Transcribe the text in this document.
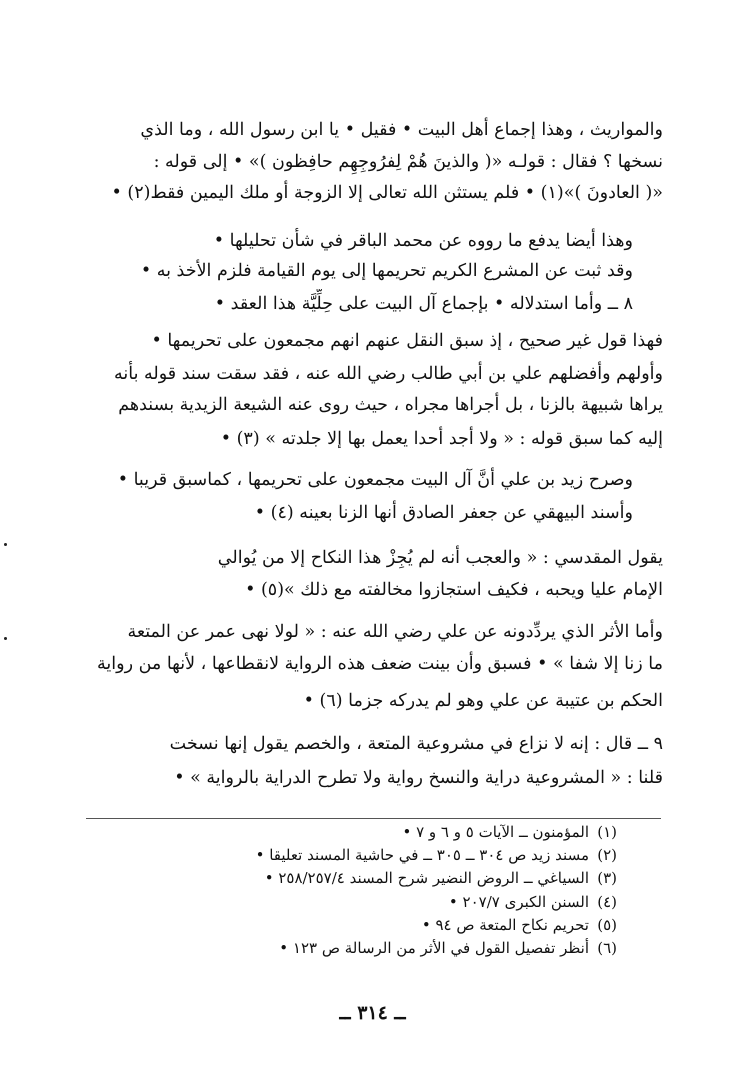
والمواريث ، وهذا إجماع أهل البيت • فقيل • يا ابن رسول الله ، وما الذي
نسخها ؟ فقال : قولـه «( والذينَ هُمْ لِفرُوجِهِم حافِظون )» • إلى قوله :
«( العادونَ )»(١) • فلم يستثن الله تعالى إلا الزوجة أو ملك اليمين فقط(٢) •
وهذا أيضا يدفع ما رووه عن محمد الباقر في شأن تحليلها •
وقد ثبت عن المشرع الكريم تحريمها إلى يوم القيامة فلزم الأخذ به •
٨ ــ وأما استدلاله • بإجماع آل البيت على حِلِّيَّة هذا العقد •
فهذا قول غير صحيح ، إذ سبق النقل عنهم انهم مجمعون على تحريمها •
وأولهم وأفضلهم علي بن أبي طالب رضي الله عنه ، فقد سقت سند قوله بأنه
يراها شبيهة بالزنا ، بل أجراها مجراه ، حيث روى عنه الشيعة الزيدية بسندهم
إليه كما سبق قوله : « ولا أجد أحدا يعمل بها إلا جلدته » (٣) •
وصرح زيد بن علي أنَّ آل البيت مجمعون على تحريمها ، كماسبق قريبا •
وأسند البيهقي عن جعفر الصادق أنها الزنا بعينه (٤) •
يقول المقدسي : « والعجب أنه لم يُجِزْ هذا النكاح إلا من يُوالي
الإمام عليا ويحبه ، فكيف استجازوا مخالفته مع ذلك »(٥) •
وأما الأثر الذي يردِّدونه عن علي رضي الله عنه : « لولا نهى عمر عن المتعة
ما زنا إلا شفا » • فسبق وأن بينت ضعف هذه الرواية لانقطاعها ، لأنها من رواية
الحكم بن عتيبة عن علي وهو لم يدركه جزما (٦) •
٩ ــ قال : إنه لا نزاع في مشروعية المتعة ، والخصم يقول إنها نسخت
قلنا : « المشروعية دراية والنسخ رواية ولا تطرح الدراية بالرواية » •
(١)المؤمنون ــ الآيات ٥ و ٦ و ٧ •
(٢)مسند زيد ص ٣٠٤ ــ ٣٠٥ ــ في حاشية المسند تعليقا •
(٣)السياغي ــ الروض النضير شرح المسند ٢٥٨/٢٥٧/٤ •
(٤)السنن الكبرى ٢٠٧/٧ •
(٥)تحريم نكاح المتعة ص ٩٤ •
(٦)أنظر تفصيل القول في الأثر من الرسالة ص ١٢٣ •
ــ ٣١٤ ــ
